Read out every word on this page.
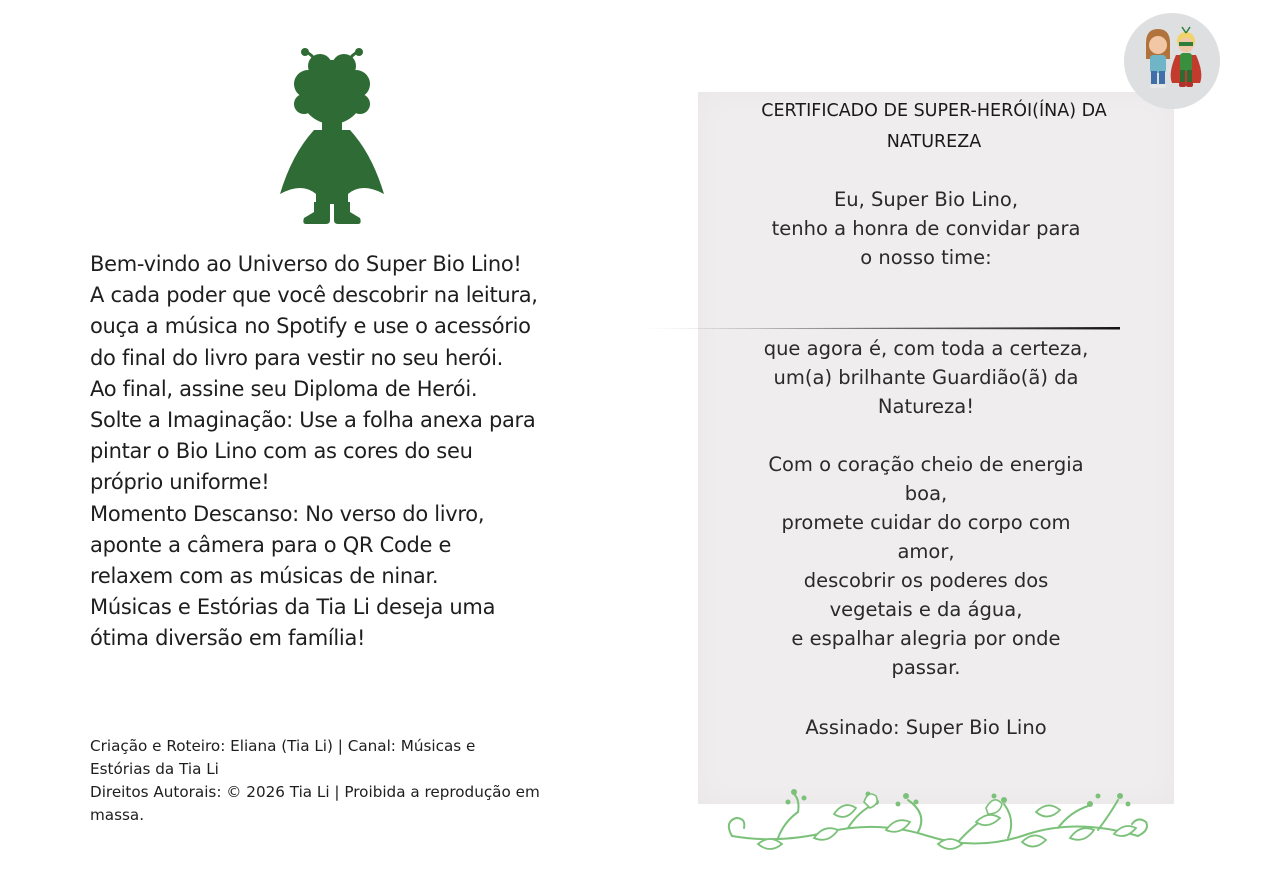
Bem-vindo ao Universo do Super Bio Lino!

A cada poder que você descobrir na leitura, ouça a música no Spotify e use o acessório do final do livro para vestir no seu herói.

Ao final, assine seu Diploma de Herói.

Solte a Imaginação: Use a folha anexa para pintar o Bio Lino com as cores do seu próprio uniforme!

Momento Descanso: No verso do livro, aponte a câmera para o QR Code e relaxem com as músicas de ninar.

Músicas e Estórias da Tia Li deseja uma ótima diversão em família!

Criação e Roteiro: Eliana (Tia Li) | Canal: Músicas e Estórias da Tia Li

Direitos Autorais: © 2026 Tia Li | Proibida a reprodução em massa.

CERTIFICADO DE SUPER-HERÓI(ÍNA) DA NATUREZA

Eu, Super Bio Lino,

tenho a honra de convidar para

o nosso time:

que agora é, com toda a certeza,

um(a) brilhante Guardião(ã) da

Natureza!

Com o coração cheio de energia

boa,

promete cuidar do corpo com

amor,

descobrir os poderes dos

vegetais e da água,

e espalhar alegria por onde

passar.

Assinado: Super Bio Lino
